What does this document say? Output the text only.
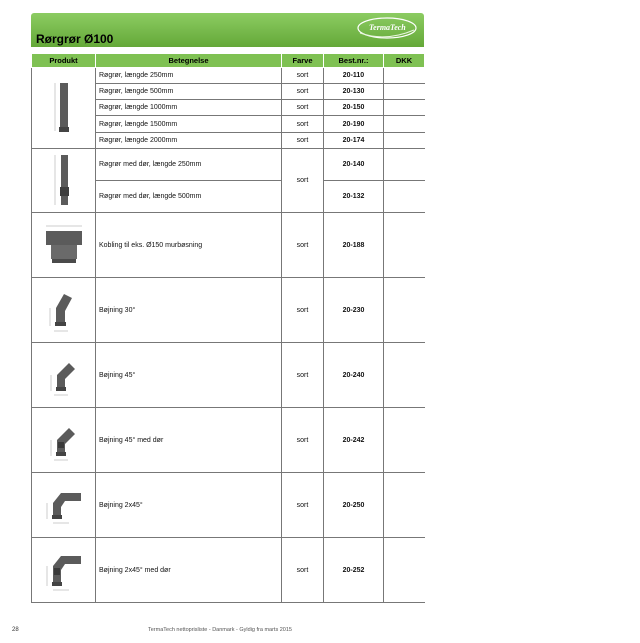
Rørgrør Ø100
TermaTech
Produkt	Betegnelse	Farve	Best.nr.:	DKK
	Røgrør, længde 250mm	sort	20-110	
	Røgrør, længde 500mm	sort	20-130	
	Røgrør, længde 1000mm	sort	20-150	
	Røgrør, længde 1500mm	sort	20-190	
	Røgrør, længde 2000mm	sort	20-174	
	Røgrør med dør, længde 250mm	sort	20-140	
	Røgrør med dør, længde 500mm		20-132	
	Kobling til eks. Ø150 murbøsning	sort	20-188	
	Bøjning 30°	sort	20-230	
	Bøjning 45°	sort	20-240	
	Bøjning 45° med dør	sort	20-242	
	Bøjning 2x45°	sort	20-250	
	Bøjning 2x45° med dør	sort	20-252	
28	TermaTech nettoprisliste - Danmark - Gyldig fra marts 2015
